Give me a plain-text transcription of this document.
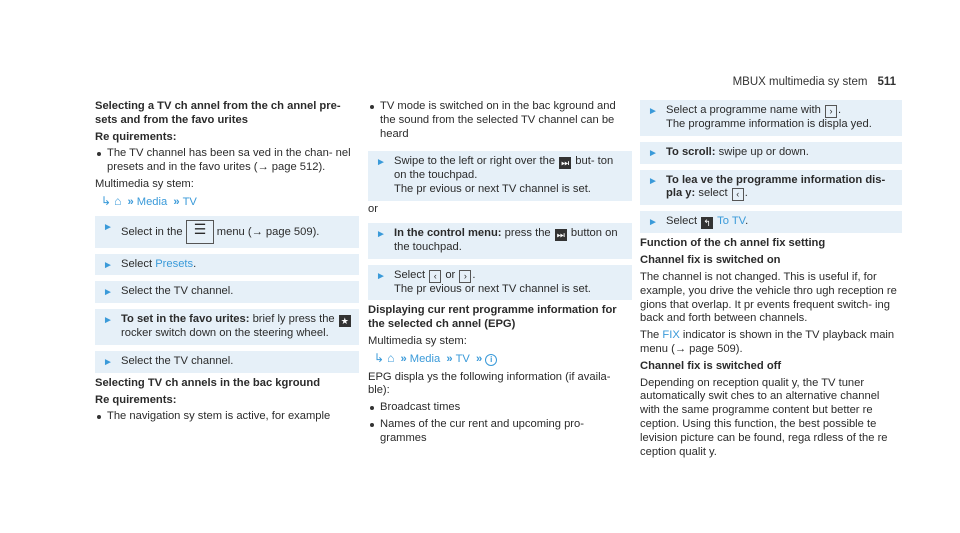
MBUX multimedia sy stem 511

Selecting a TV ch annel from the ch annel pre- sets and from the favo urites

Re quirements:

The TV channel has been sa ved in the chan- nel presets and in the favo urites (→ page 512).

Multimedia sy stem:

↳ ⌂ » Media » TV
► Select in the ☰	menu (→ page 509).
► Select Presets.
► Select the TV channel.
► To set in the favo urites: brief ly press the ★ rocker switch down on the steering wheel.
► Select the TV channel.

Selecting TV ch annels in the bac kground

Re quirements:

The navigation sy stem is active, for example
TV mode is switched on in the bac kground and the sound from the selected TV channel can be heard
► Swipe to the left or right over the ⏭ but- ton on the touchpad.
The pr evious or next TV channel is set.

or

► In the control menu: press the ⏭ button on the touchpad.
► Select ‹ or › .
The pr evious or next TV channel is set.

Displaying cur rent programme information for the selected ch annel (EPG)

Multimedia sy stem:

↳ ⌂ » Media » TV » i

EPG displa ys the following information (if availa- ble):

Broadcast times
Names of the cur rent and upcoming pro- grammes
► Select a programme name with › .
The programme information is displa yed.
► To scroll: swipe up or down.
► To lea ve the programme information dis- pla y: select ‹ .
► Select ↰ To TV.

Function of the ch annel fix setting

Channel fix is switched on

The channel is not changed. This is useful if, for example, you drive the vehicle thro ugh reception re gions that overlap. It pr events frequent switch- ing back and forth between channels.

The FIX indicator is shown in the TV playback main menu (→ page 509).

Channel fix is switched off

Depending on reception qualit y, the TV tuner automatically swit ches to an alternative channel with the same programme content but better re ception. Using this function, the best possible te levision picture can be found, rega rdless of the re ception qualit y.
